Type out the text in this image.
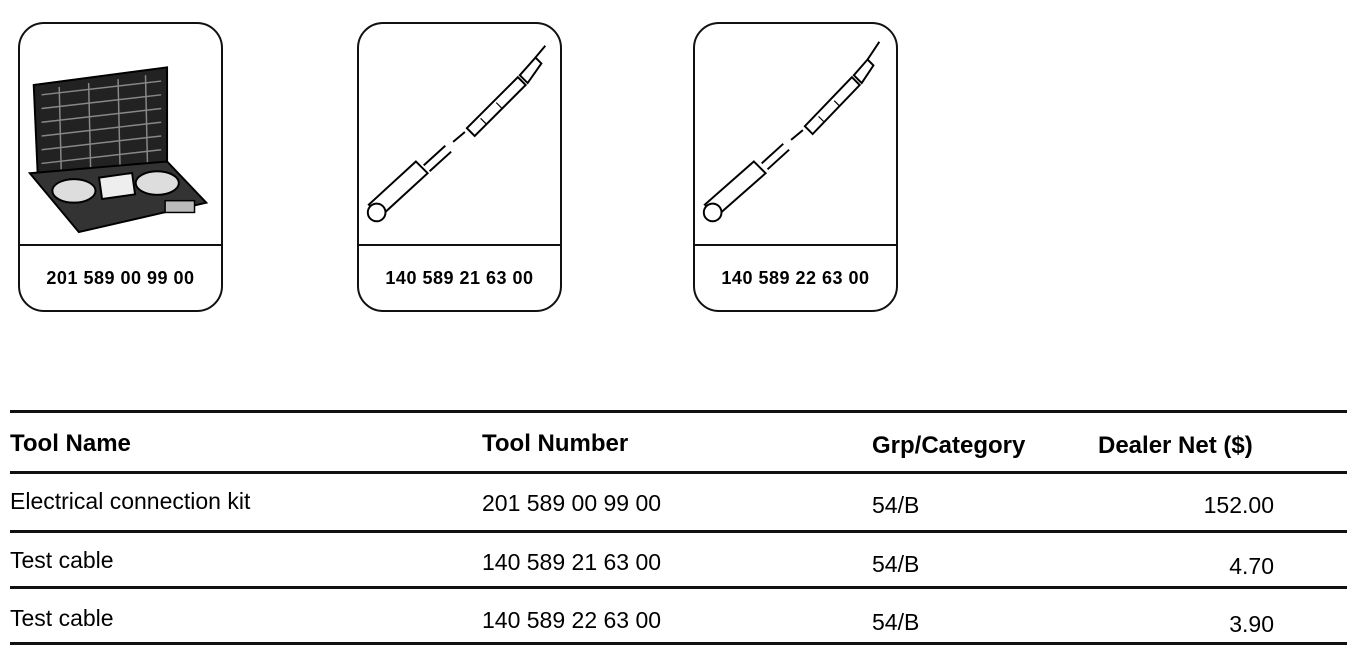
201 589 00 99 00	140 589 21 63 00	140 589 22 63 00
Tool Name	Tool Number	Grp/Category	Dealer Net ($)
Electrical connection kit	201 589 00 99 00	54/B	152.00
Test cable	140 589 21 63 00	54/B	4.70
Test cable	140 589 22 63 00	54/B	3.90
